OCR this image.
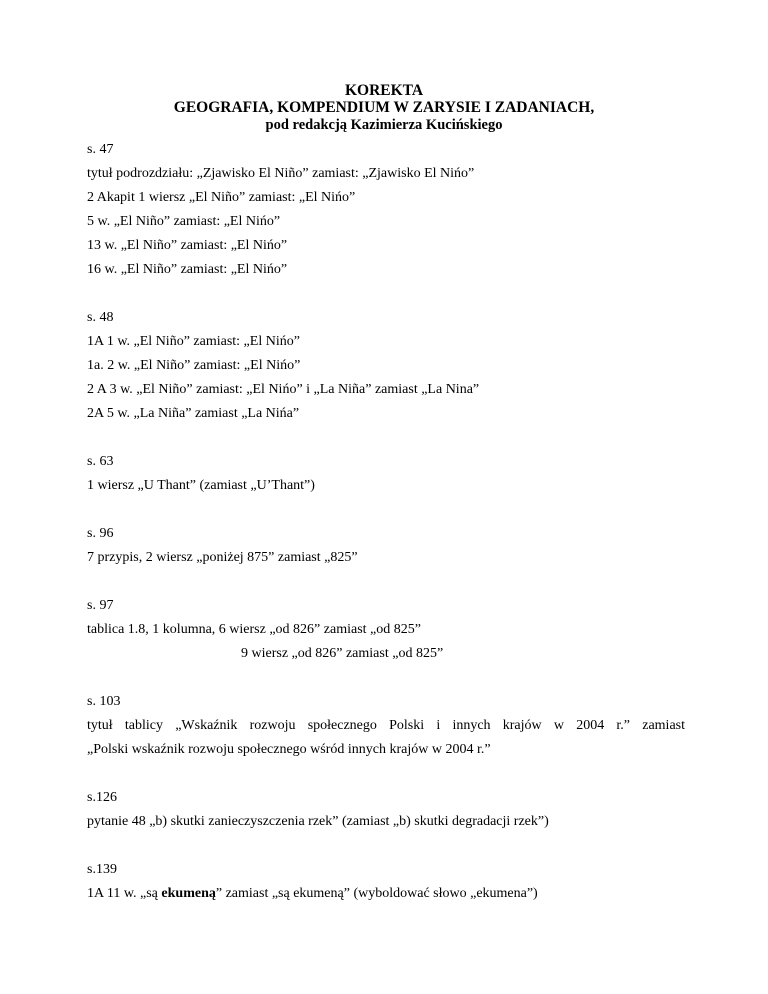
KOREKTA
GEOGRAFIA, KOMPENDIUM W ZARYSIE I ZADANIACH,
pod redakcją Kazimierza Kucińskiego
s. 47
tytuł podrozdziału: „Zjawisko El Niño” zamiast: „Zjawisko El Nińo”
2 Akapit 1 wiersz „El Niño” zamiast: „El Nińo”
5 w. „El Niño” zamiast: „El Nińo”
13 w. „El Niño” zamiast: „El Nińo”
16 w. „El Niño” zamiast: „El Nińo”
s. 48
1A 1 w. „El Niño” zamiast: „El Nińo”
1a. 2 w. „El Niño” zamiast: „El Nińo”
2 A 3 w. „El Niño” zamiast: „El Nińo” i „La Niña” zamiast „La Nina”
2A 5 w. „La Niña” zamiast „La Nińa”
s. 63
1 wiersz „U Thant” (zamiast „U’Thant”)
s. 96
7 przypis, 2 wiersz „poniżej 875” zamiast „825”
s. 97
tablica 1.8, 1 kolumna, 6 wiersz „od 826” zamiast „od 825”
9 wiersz „od 826” zamiast „od 825”
s. 103
tytuł tablicy „Wskaźnik rozwoju społecznego Polski i innych krajów w 2004 r.” zamiast
„Polski wskaźnik rozwoju społecznego wśród innych krajów w 2004 r.”
s.126
pytanie 48 „b) skutki zanieczyszczenia rzek” (zamiast „b) skutki degradacji rzek”)
s.139
1A 11 w. „są ekumeną” zamiast „są ekumeną” (wyboldować słowo „ekumena”)
